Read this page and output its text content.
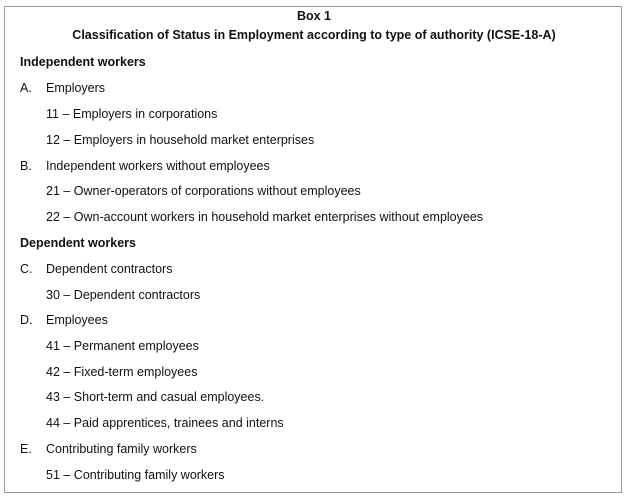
Box 1
Classification of Status in Employment according to type of authority (ICSE-18-A)
Independent workers
A. Employers
11 – Employers in corporations
12 – Employers in household market enterprises
B. Independent workers without employees
21 – Owner-operators of corporations without employees
22 – Own-account workers in household market enterprises without employees
Dependent workers
C. Dependent contractors
30 – Dependent contractors
D. Employees
41 – Permanent employees
42 – Fixed-term employees
43 – Short-term and casual employees.
44 – Paid apprentices, trainees and interns
E. Contributing family workers
51 – Contributing family workers
